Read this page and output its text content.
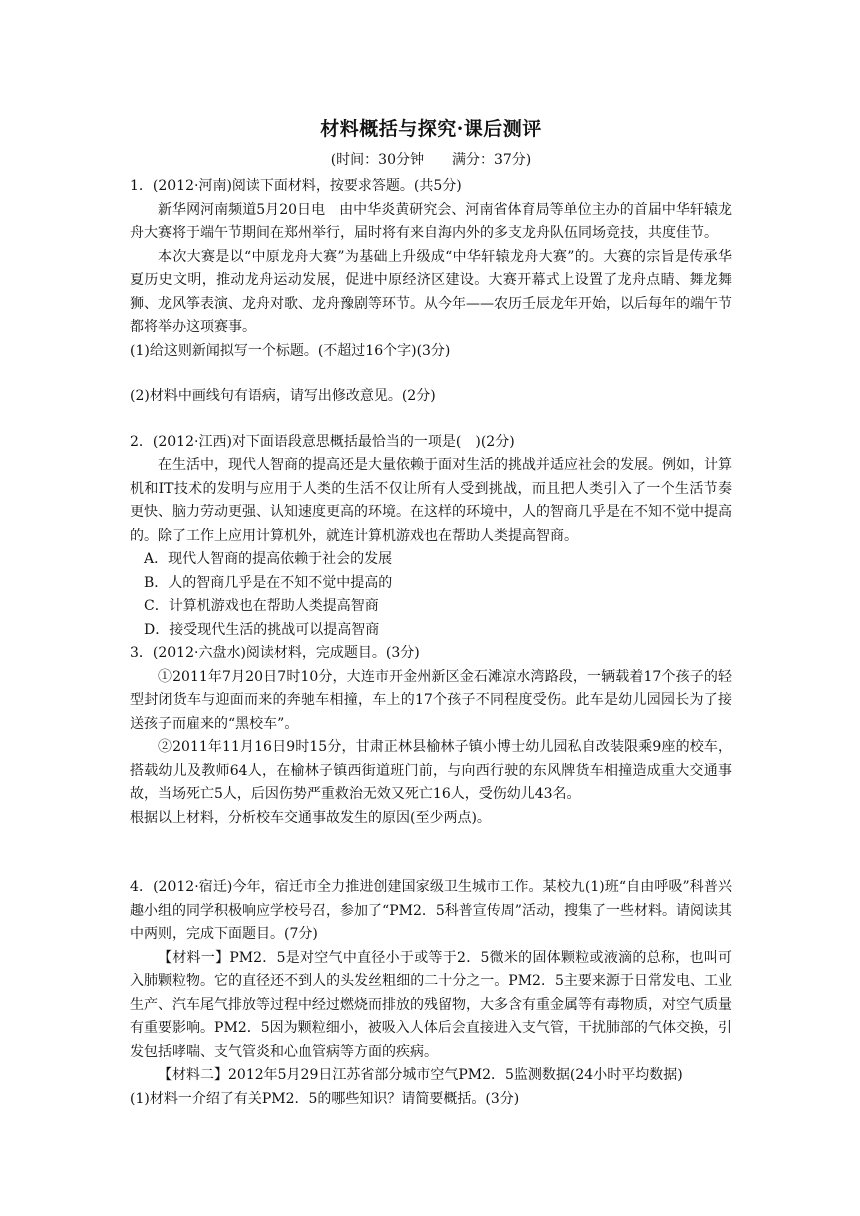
材料概括与探究·课后测评
(时间：30分钟　　满分：37分)

1．(2012·河南)阅读下面材料，按要求答题。(共5分)

新华网河南频道5月20日电　由中华炎黄研究会、河南省体育局等单位主办的首届中华轩辕龙舟大赛将于端午节期间在郑州举行，届时将有来自海内外的多支龙舟队伍同场竞技，共度佳节。

本次大赛是以“中原龙舟大赛”为基础上升级成“中华轩辕龙舟大赛”的。大赛的宗旨是传承华夏历史文明，推动龙舟运动发展，促进中原经济区建设。大赛开幕式上设置了龙舟点睛、舞龙舞狮、龙风筝表演、龙舟对歌、龙舟豫剧等环节。从今年——农历壬辰龙年开始，以后每年的端午节都将举办这项赛事。

(1)给这则新闻拟写一个标题。(不超过16个字)(3分)

(2)材料中画线句有语病，请写出修改意见。(2分)

2．(2012·江西)对下面语段意思概括最恰当的一项是(　)(2分)

在生活中，现代人智商的提高还是大量依赖于面对生活的挑战并适应社会的发展。例如，计算机和IT技术的发明与应用于人类的生活不仅让所有人受到挑战，而且把人类引入了一个生活节奏更快、脑力劳动更强、认知速度更高的环境。在这样的环境中，人的智商几乎是在不知不觉中提高的。除了工作上应用计算机外，就连计算机游戏也在帮助人类提高智商。

A．现代人智商的提高依赖于社会的发展

B．人的智商几乎是在不知不觉中提高的

C．计算机游戏也在帮助人类提高智商

D．接受现代生活的挑战可以提高智商

3．(2012·六盘水)阅读材料，完成题目。(3分)

①2011年7月20日7时10分，大连市开金州新区金石滩凉水湾路段，一辆载着17个孩子的轻型封闭货车与迎面而来的奔驰车相撞，车上的17个孩子不同程度受伤。此车是幼儿园园长为了接送孩子而雇来的“黑校车”。

②2011年11月16日9时15分，甘肃正林县榆林子镇小博士幼儿园私自改装限乘9座的校车，搭载幼儿及教师64人，在榆林子镇西街道班门前，与向西行驶的东风牌货车相撞造成重大交通事故，当场死亡5人，后因伤势严重救治无效又死亡16人，受伤幼儿43名。

根据以上材料，分析校车交通事故发生的原因(至少两点)。

4．(2012·宿迁)今年，宿迁市全力推进创建国家级卫生城市工作。某校九(1)班“自由呼吸”科普兴趣小组的同学积极响应学校号召，参加了“PM2．5科普宣传周”活动，搜集了一些材料。请阅读其中两则，完成下面题目。(7分)

【材料一】PM2．5是对空气中直径小于或等于2．5微米的固体颗粒或液滴的总称，也叫可入肺颗粒物。它的直径还不到人的头发丝粗细的二十分之一。PM2．5主要来源于日常发电、工业生产、汽车尾气排放等过程中经过燃烧而排放的残留物，大多含有重金属等有毒物质，对空气质量有重要影响。PM2．5因为颗粒细小，被吸入人体后会直接进入支气管，干扰肺部的气体交换，引发包括哮喘、支气管炎和心血管病等方面的疾病。

【材料二】2012年5月29日江苏省部分城市空气PM2．5监测数据(24小时平均数据)

(1)材料一介绍了有关PM2．5的哪些知识？请简要概括。(3分)
